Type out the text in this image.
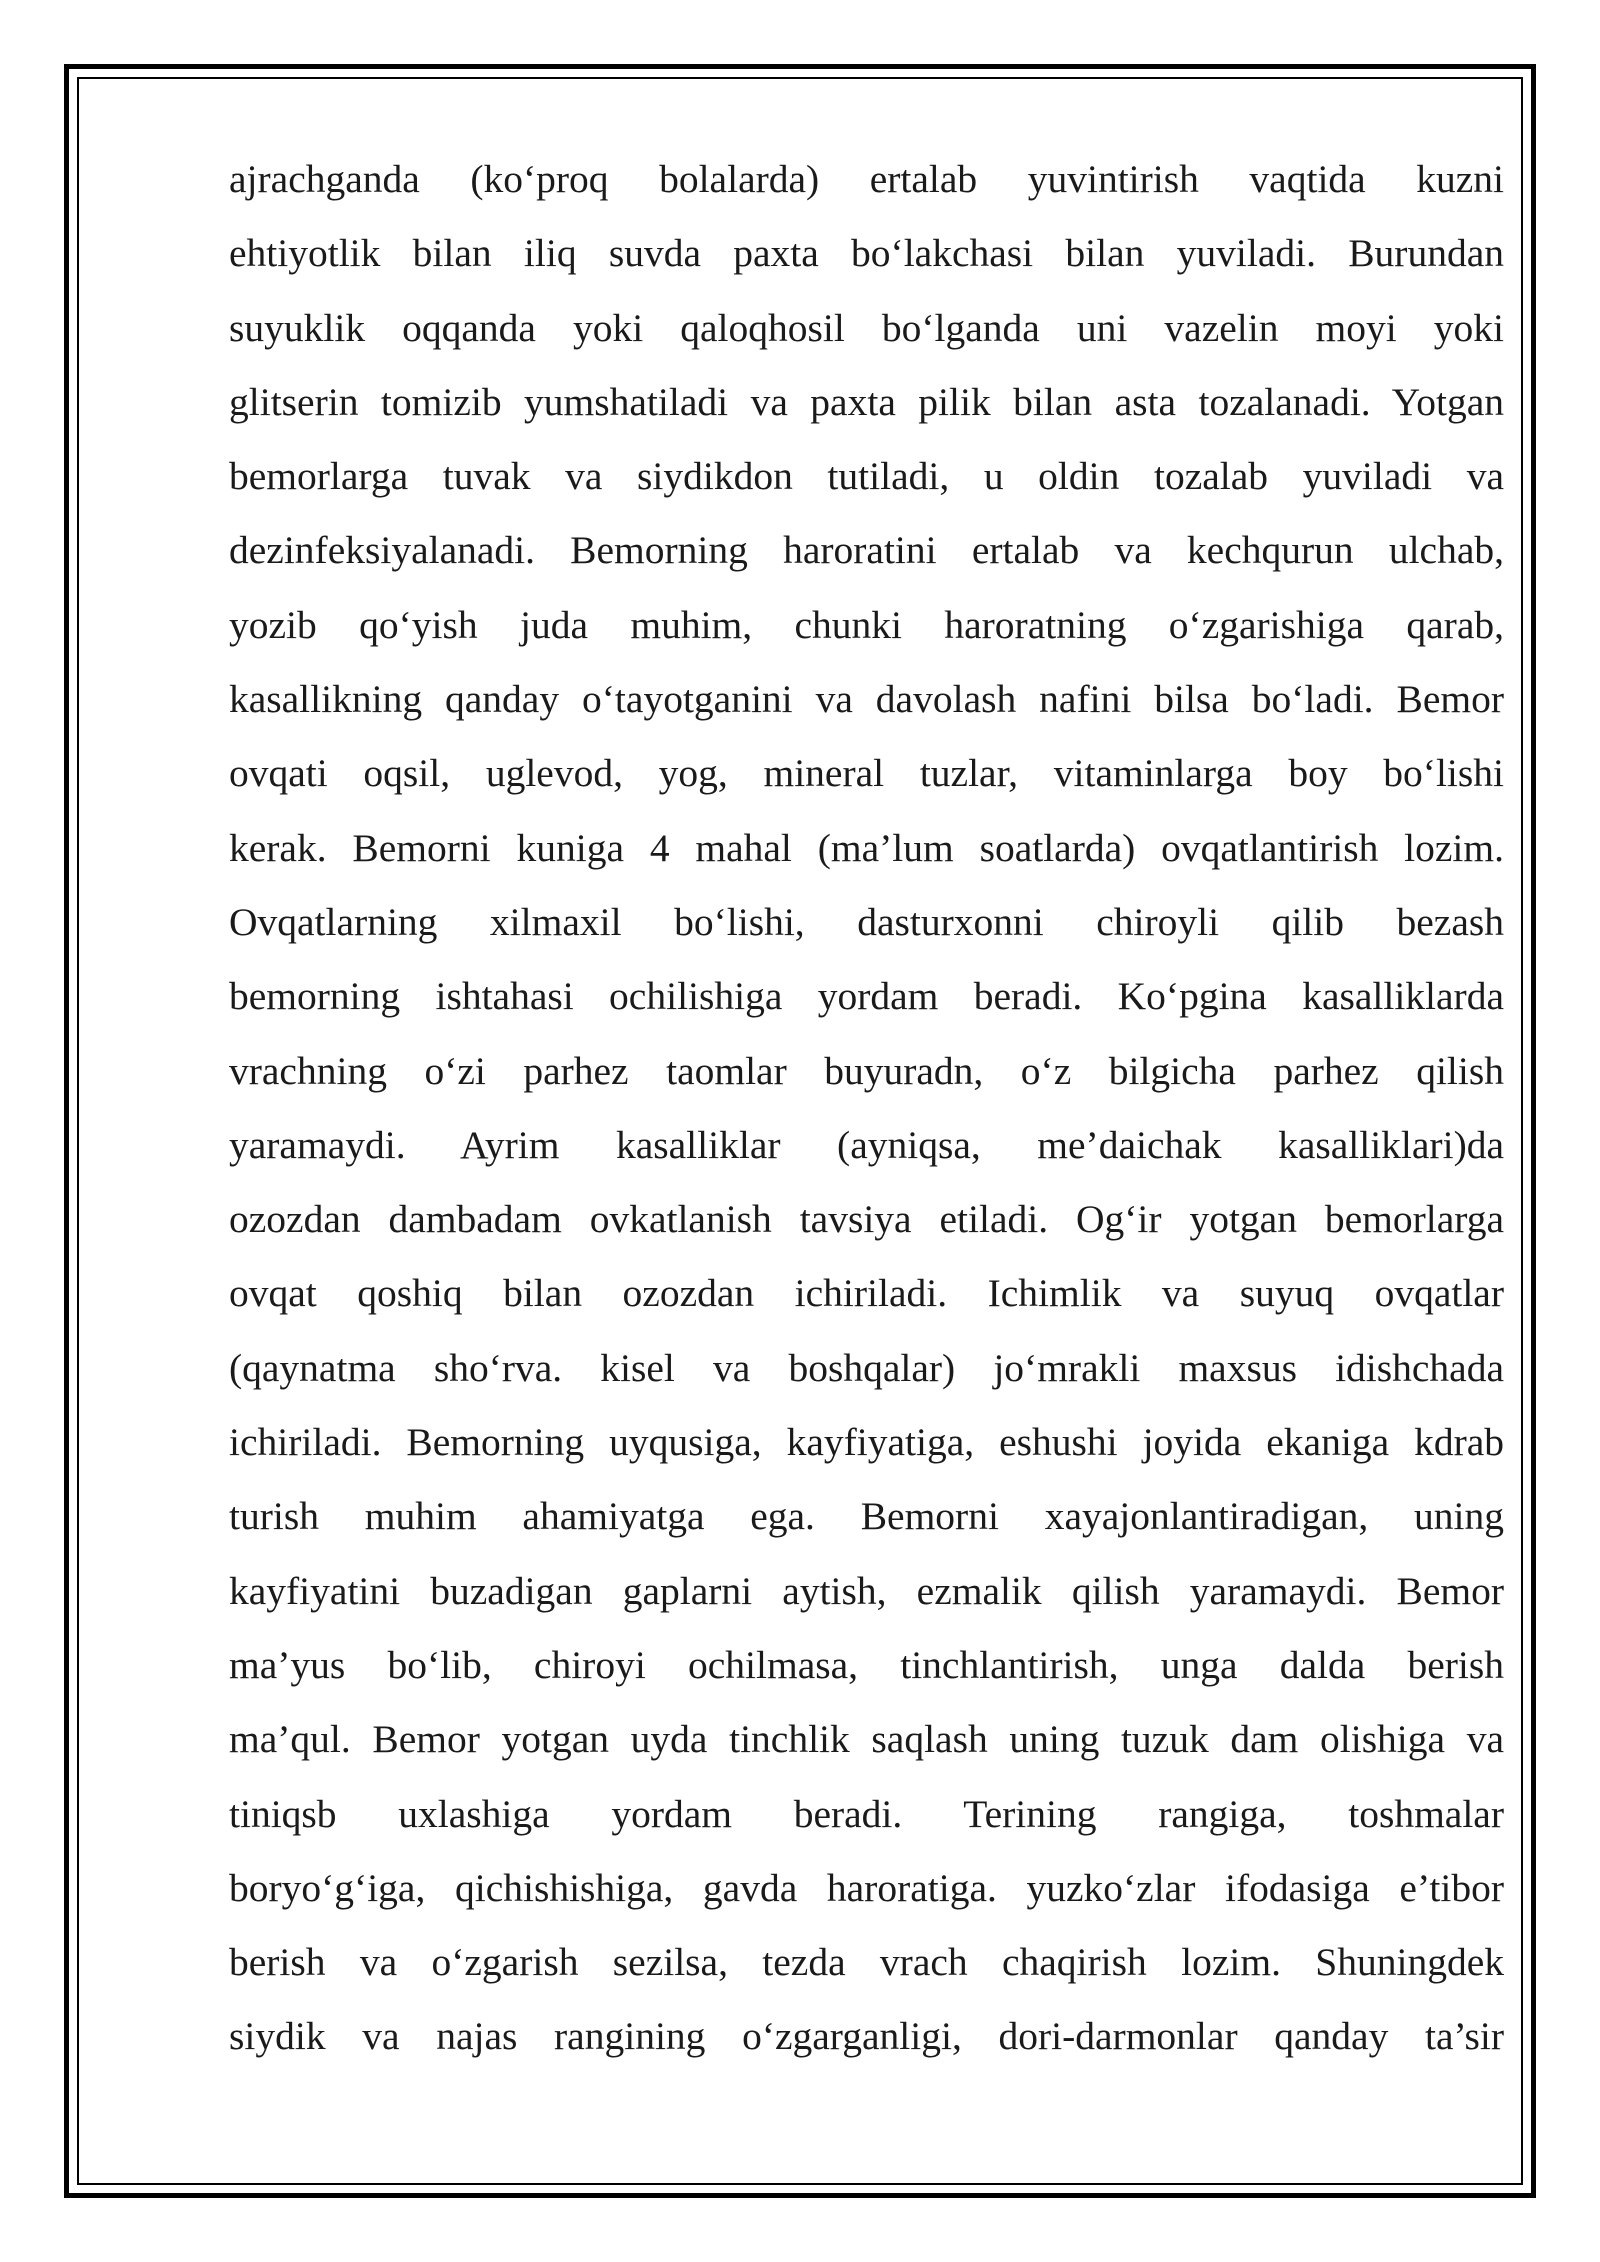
ajrachganda (ko‘proq bolalarda) ertalab yuvintirish vaqtida kuzni
ehtiyotlik bilan iliq suvda paxta bo‘lakchasi bilan yuviladi. Burundan
suyuklik oqqanda yoki qaloqhosil bo‘lganda uni vazelin moyi yoki
glitserin tomizib yumshatiladi va paxta pilik bilan asta tozalanadi. Yotgan
bemorlarga tuvak va siydikdon tutiladi, u oldin tozalab yuviladi va
dezinfeksiyalanadi. Bemorning haroratini ertalab va kechqurun ulchab,
yozib qo‘yish juda muhim, chunki haroratning o‘zgarishiga qarab,
kasallikning qanday o‘tayotganini va davolash nafini bilsa bo‘ladi. Bemor
ovqati oqsil, uglevod, yog, mineral tuzlar, vitaminlarga boy bo‘lishi
kerak. Bemorni kuniga 4 mahal (ma’lum soatlarda) ovqatlantirish lozim.
Ovqatlarning xilmaxil bo‘lishi, dasturxonni chiroyli qilib bezash
bemorning ishtahasi ochilishiga yordam beradi. Ko‘pgina kasalliklarda
vrachning o‘zi parhez taomlar buyuradn, o‘z bilgicha parhez qilish
yaramaydi. Ayrim kasalliklar (ayniqsa, me’daichak kasalliklari)da
ozozdan dambadam ovkatlanish tavsiya etiladi. Og‘ir yotgan bemorlarga
ovqat qoshiq bilan ozozdan ichiriladi. Ichimlik va suyuq ovqatlar
(qaynatma sho‘rva. kisel va boshqalar) jo‘mrakli maxsus idishchada
ichiriladi. Bemorning uyqusiga, kayfiyatiga, eshushi joyida ekaniga kdrab
turish muhim ahamiyatga ega. Bemorni xayajonlantiradigan, uning
kayfiyatini buzadigan gaplarni aytish, ezmalik qilish yaramaydi. Bemor
ma’yus bo‘lib, chiroyi ochilmasa, tinchlantirish, unga dalda berish
ma’qul. Bemor yotgan uyda tinchlik saqlash uning tuzuk dam olishiga va
tiniqsb uxlashiga yordam beradi. Terining rangiga, toshmalar
boryo‘g‘iga, qichishishiga, gavda haroratiga. yuzko‘zlar ifodasiga e’tibor
berish va o‘zgarish sezilsa, tezda vrach chaqirish lozim. Shuningdek
siydik va najas rangining o‘zgarganligi, dori-darmonlar qanday ta’sir
